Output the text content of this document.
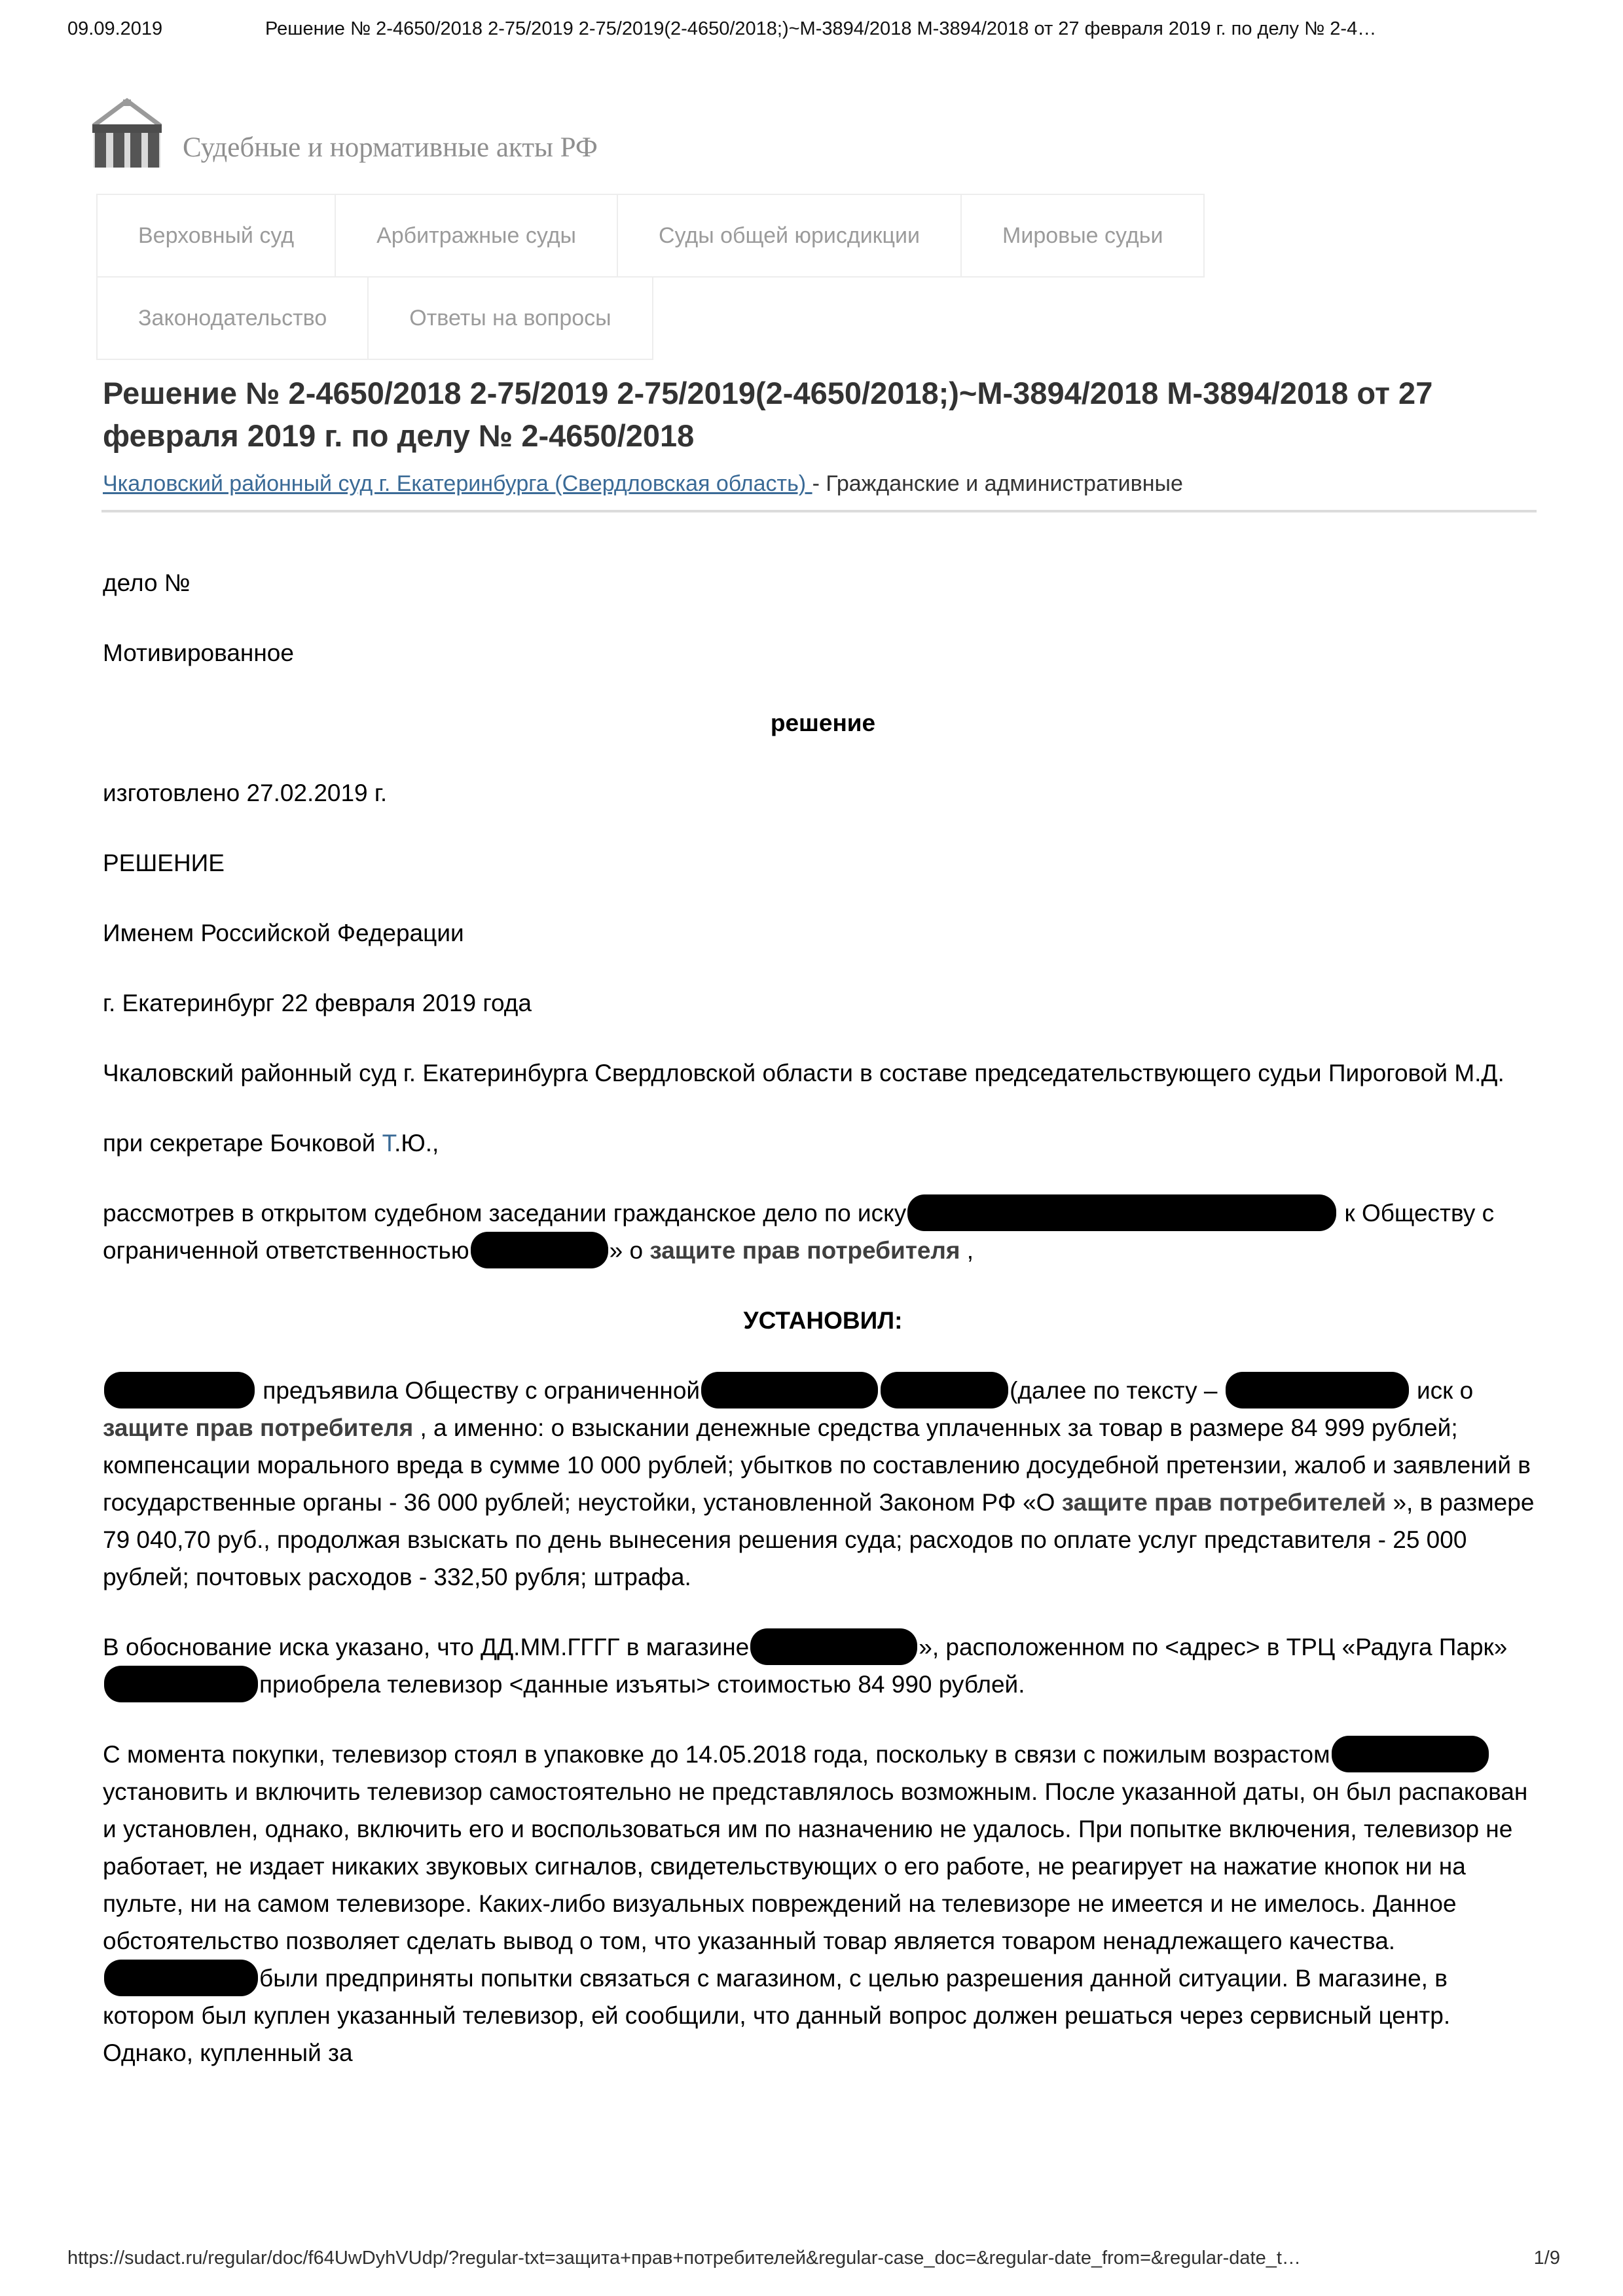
09.09.2019	Решение № 2-4650/2018 2-75/2019 2-75/2019(2-4650/2018;)~М-3894/2018 М-3894/2018 от 27 февраля 2019 г. по делу № 2-4…
Судебные и нормативные акты РФ
Верховный суд	Арбитражные суды	Суды общей юрисдикции	Мировые судьи
Законодательство	Ответы на вопросы
Решение № 2-4650/2018 2-75/2019 2-75/2019(2-4650/2018;)~М-3894/2018 М-3894/2018 от 27 февраля 2019 г. по делу № 2-4650/2018
Чкаловский районный суд г. Екатеринбурга (Свердловская область) - Гражданские и административные

дело №

Мотивированное

решение

изготовлено 27.02.2019 г.

РЕШЕНИЕ

Именем Российской Федерации

г. Екатеринбург 22 февраля 2019 года

Чкаловский районный суд г. Екатеринбурга Свердловской области в составе председательствующего судьи Пироговой М.Д.

при секретаре Бочковой Т.Ю.,

рассмотрев в открытом судебном заседании гражданское дело по иску	к Обществу с ограниченной ответственностью	» о защите прав потребителя ,

УСТАНОВИЛ:

предъявила Обществу с ограниченной	(далее по тексту –	иск о защите прав потребителя , а именно: о взыскании денежные средства уплаченных за товар в размере 84 999 рублей; компенсации морального вреда в сумме 10 000 рублей; убытков по составлению досудебной претензии, жалоб и заявлений в государственные органы - 36 000 рублей; неустойки, установленной Законом РФ «О защите прав потребителей », в размере 79 040,70 руб., продолжая взыскать по день вынесения решения суда; расходов по оплате услуг представителя - 25 000 рублей; почтовых расходов - 332,50 рубля; штрафа.

В обоснование иска указано, что ДД.ММ.ГГГГ в магазине	», расположенном по <адрес> в ТРЦ «Радуга Парк»приобрела телевизор <данные изъяты> стоимостью 84 990 рублей.

С момента покупки, телевизор стоял в упаковке до 14.05.2018 года, поскольку в связи с пожилым возрастомустановить и включить телевизор самостоятельно не представлялось возможным. После указанной даты, он был распакован и установлен, однако, включить его и воспользоваться им по назначению не удалось. При попытке включения, телевизор не работает, не издает никаких звуковых сигналов, свидетельствующих о его работе, не реагирует на нажатие кнопок ни на пульте, ни на самом телевизоре. Каких-либо визуальных повреждений на телевизоре не имеется и не имелось. Данное обстоятельство позволяет сделать вывод о том, что указанный товар является товаром ненадлежащего качества.были предприняты попытки связаться с магазином, с целью разрешения данной ситуации. В магазине, в котором был куплен указанный телевизор, ей сообщили, что данный вопрос должен решаться через сервисный центр. Однако, купленный за

https://sudact.ru/regular/doc/f64UwDyhVUdp/?regular-txt=защита+прав+потребителей&regular-case_doc=&regular-date_from=&regular-date_t…	1/9
